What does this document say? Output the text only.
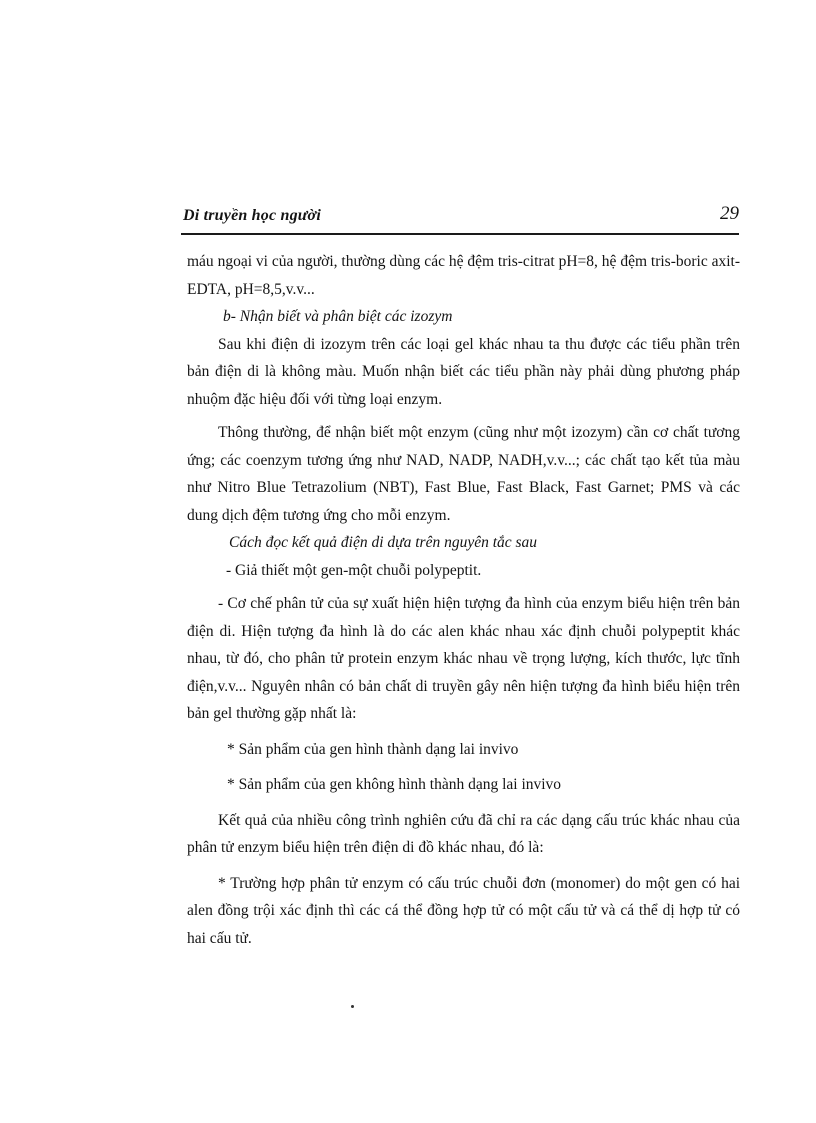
Di truyền học người	29

máu ngoại vi của người, thường dùng các hệ đệm tris-citrat pH=8, hệ đệm tris-boric axit- EDTA, pH=8,5,v.v...

b- Nhận biết và phân biệt các izozym

Sau khi điện di izozym trên các loại gel khác nhau ta thu được các tiểu phần trên bản điện di là không màu. Muốn nhận biết các tiểu phần này phải dùng phương pháp nhuộm đặc hiệu đối với từng loại enzym.

Thông thường, để nhận biết một enzym (cũng như một izozym) cần cơ chất tương ứng; các coenzym tương ứng như NAD, NADP, NADH,v.v...; các chất tạo kết tủa màu như Nitro Blue Tetrazolium (NBT), Fast Blue, Fast Black, Fast Garnet; PMS và các dung dịch đệm tương ứng cho mỗi enzym.

Cách đọc kết quả điện di dựa trên nguyên tắc sau

- Giả thiết một gen-một chuỗi polypeptit.

- Cơ chế phân tử của sự xuất hiện hiện tượng đa hình của enzym biểu hiện trên bản điện di. Hiện tượng đa hình là do các alen khác nhau xác định chuỗi polypeptit khác nhau, từ đó, cho phân tử protein enzym khác nhau về trọng lượng, kích thước, lực tĩnh điện,v.v... Nguyên nhân có bản chất di truyền gây nên hiện tượng đa hình biểu hiện trên bản gel thường gặp nhất là:

* Sản phẩm của gen hình thành dạng lai invivo

* Sản phẩm của gen không hình thành dạng lai invivo

Kết quả của nhiều công trình nghiên cứu đã chỉ ra các dạng cấu trúc khác nhau của phân tử enzym biểu hiện trên điện di đồ khác nhau, đó là:

* Trường hợp phân tử enzym có cấu trúc chuỗi đơn (monomer) do một gen có hai alen đồng trội xác định thì các cá thể đồng hợp tử có một cấu tử và cá thể dị hợp tử có hai cấu tử.
